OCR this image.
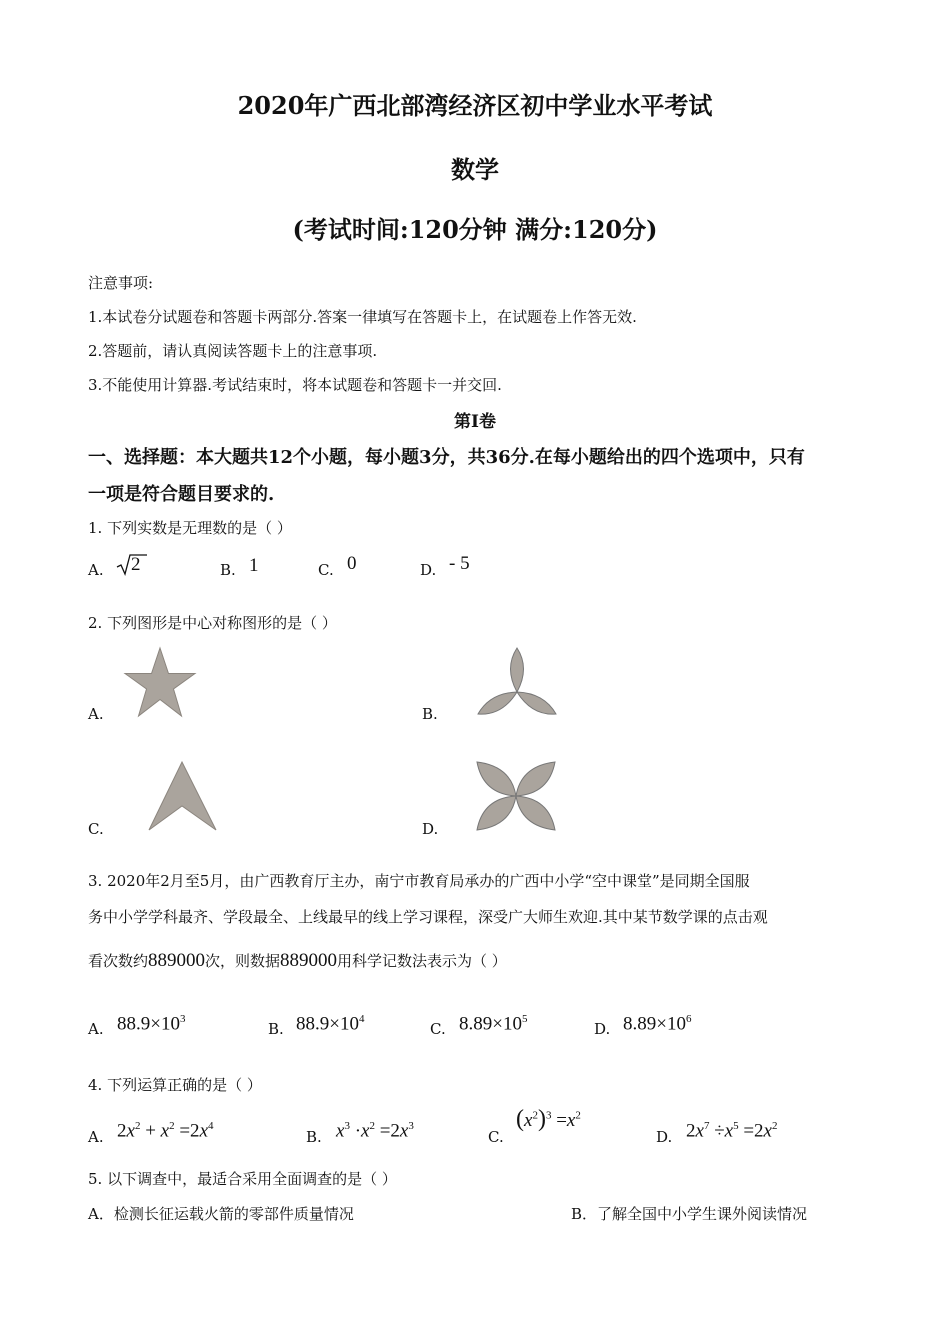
2020年广西北部湾经济区初中学业水平考试
数学
(考试时间:120分钟 满分:120分)
注意事项:
1.本试卷分试题卷和答题卡两部分.答案一律填写在答题卡上，在试题卷上作答无效.
2.答题前，请认真阅读答题卡上的注意事项.
3.不能使用计算器.考试结束时，将本试题卷和答题卡一并交回.
第Ⅰ卷
一、选择题：本大题共12个小题，每小题3分，共36分.在每小题给出的四个选项中，只有
一项是符合题目要求的.
1. 下列实数是无理数的是（ ）
A. 2	B. 1	C. 0	D. - 5
2. 下列图形是中心对称图形的是（ ）
A.	B.
C.	D.
3. 2020年2月至5月，由广西教育厅主办，南宁市教育局承办的广西中小学“空中课堂”是同期全国服
务中小学学科最齐、学段最全、上线最早的线上学习课程，深受广大师生欢迎.其中某节数学课的点击观
看次数约889000次，则数据889000用科学记数法表示为（ ）
A. $88.9\times 10^3$
B. $88.9\times 10^4$
C. $8.89\times 10^5$
D. $8.89\times 10^6$
4. 下列运算正确的是（ ）
A. $2x^2 + x^2 =2x^4$
B. $x^3 \cdot x^2 =2x^3$
C.
$(x^2)^3 =x^2$
D. $2x^7 \div x^5 =2x^2$
5. 以下调查中，最适合采用全面调查的是（ ）
A．检测长征运载火箭的零部件质量情况	B．了解全国中小学生课外阅读情况
